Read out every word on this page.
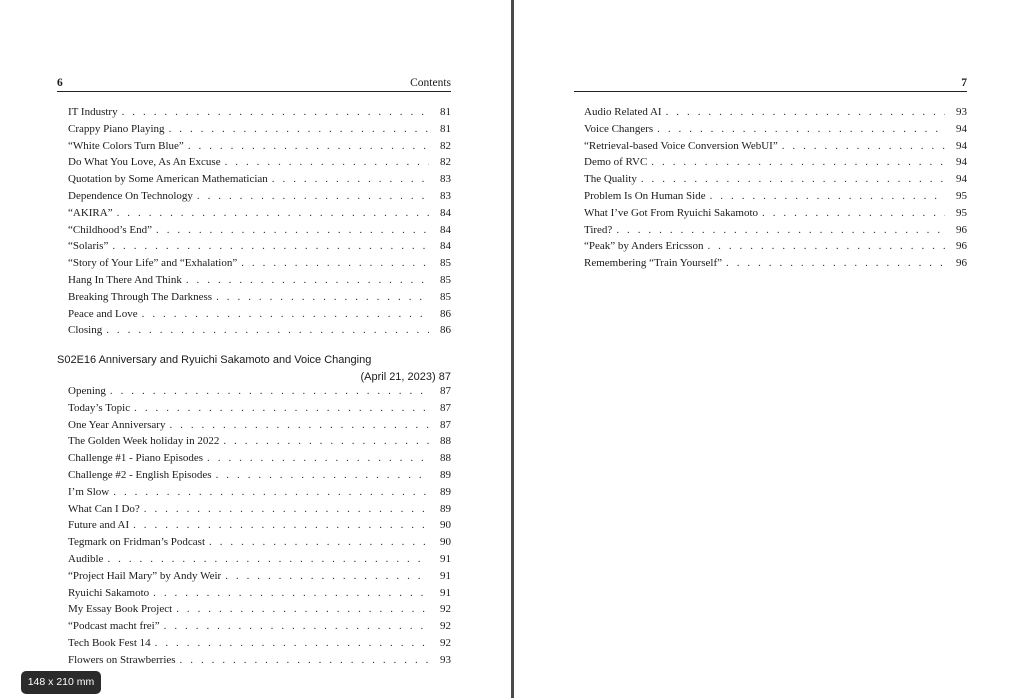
6	Contents
IT Industry . . .	81
Crappy Piano Playing . . .	81
“White Colors Turn Blue” . . .	82
Do What You Love, As An Excuse . . .	82
Quotation by Some American Mathematician . . .	83
Dependence On Technology . . .	83
“AKIRA” . . .	84
“Childhood’s End” . . .	84
“Solaris” . . .	84
“Story of Your Life” and “Exhalation” . . .	85
Hang In There And Think . . .	85
Breaking Through The Darkness . . .	85
Peace and Love . . .	86
Closing . . .	86
S02E16 Anniversary and Ryuichi Sakamoto and Voice Changing
(April 21, 2023) 87
Opening . . .	87
Today’s Topic . . .	87
One Year Anniversary . . .	87
The Golden Week holiday in 2022 . . .	88
Challenge #1 - Piano Episodes . . .	88
Challenge #2 - English Episodes . . .	89
I’m Slow . . .	89
What Can I Do? . . .	89
Future and AI . . .	90
Tegmark on Fridman’s Podcast . . .	90
Audible . . .	91
“Project Hail Mary” by Andy Weir . . .	91
Ryuichi Sakamoto . . .	91
My Essay Book Project . . .	92
“Podcast macht frei” . . .	92
Tech Book Fest 14 . . .	92
Flowers on Strawberries . . .	93
7
Audio Related AI . . .	93
Voice Changers . . .	94
“Retrieval-based Voice Conversion WebUI” . . .	94
Demo of RVC . . .	94
The Quality . . .	94
Problem Is On Human Side . . .	95
What I’ve Got From Ryuichi Sakamoto . . .	95
Tired? . . .	96
“Peak” by Anders Ericsson . . .	96
Remembering “Train Yourself” . . .	96
148 x 210 mm
